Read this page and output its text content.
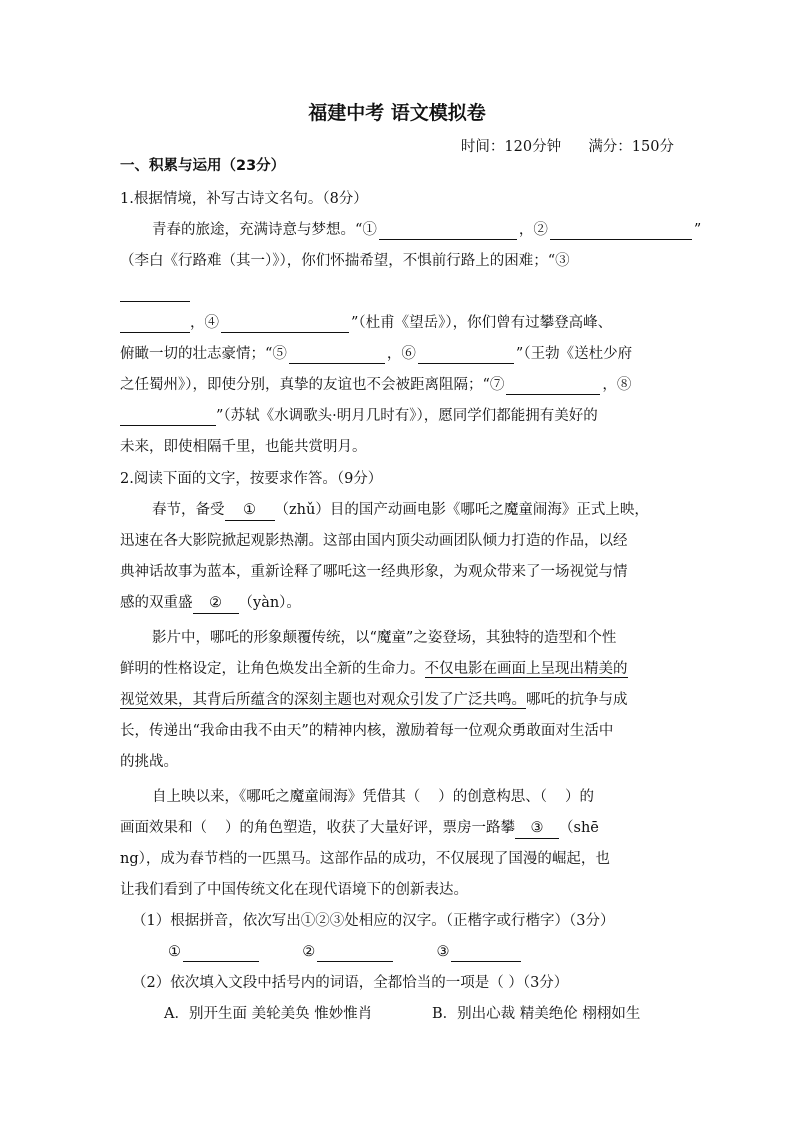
福建中考 语文模拟卷
时间：120分钟 满分：150分
一、积累与运用（23分）
1.根据情境，补写古诗文名句。（8分）
青春的旅途，充满诗意与梦想。“①	，②	”
（李白《行路难（其一）》），你们怀揣希望，不惧前行路上的困难；“③
，④	”（杜甫《望岳》），你们曾有过攀登高峰、
俯瞰一切的壮志豪情；“⑤	，⑥	”（王勃《送杜少府
之任蜀州》），即使分别，真挚的友谊也不会被距离阻隔；“⑦	，⑧
”（苏轼《水调歌头·明月几时有》），愿同学们都能拥有美好的
未来，即使相隔千里，也能共赏明月。
2.阅读下面的文字，按要求作答。（9分）
春节，备受 ① （zhǔ）目的国产动画电影《哪吒之魔童闹海》正式上映，
迅速在各大影院掀起观影热潮。这部由国内顶尖动画团队倾力打造的作品，以经
典神话故事为蓝本，重新诠释了哪吒这一经典形象，为观众带来了一场视觉与情
感的双重盛 ② （yàn）。
影片中，哪吒的形象颠覆传统，以“魔童”之姿登场，其独特的造型和个性
鲜明的性格设定，让角色焕发出全新的生命力。不仅电影在画面上呈现出精美的
视觉效果，其背后所蕴含的深刻主题也对观众引发了广泛共鸣。哪吒的抗争与成
长，传递出“我命由我不由天”的精神内核，激励着每一位观众勇敢面对生活中
的挑战。
自上映以来，《哪吒之魔童闹海》凭借其（ ）的创意构思、（ ）的
画面效果和（ ）的角色塑造，收获了大量好评，票房一路攀 ③ （shē
ng），成为春节档的一匹黑马。这部作品的成功，不仅展现了国漫的崛起，也
让我们看到了中国传统文化在现代语境下的创新表达。
（1）根据拼音，依次写出①②③处相应的汉字。（正楷字或行楷字）（3分）
①	②	③
（2）依次填入文段中括号内的词语，全都恰当的一项是（ ）（3分）
A．别开生面 美轮美奂 惟妙惟肖	B．别出心裁 精美绝伦 栩栩如生
